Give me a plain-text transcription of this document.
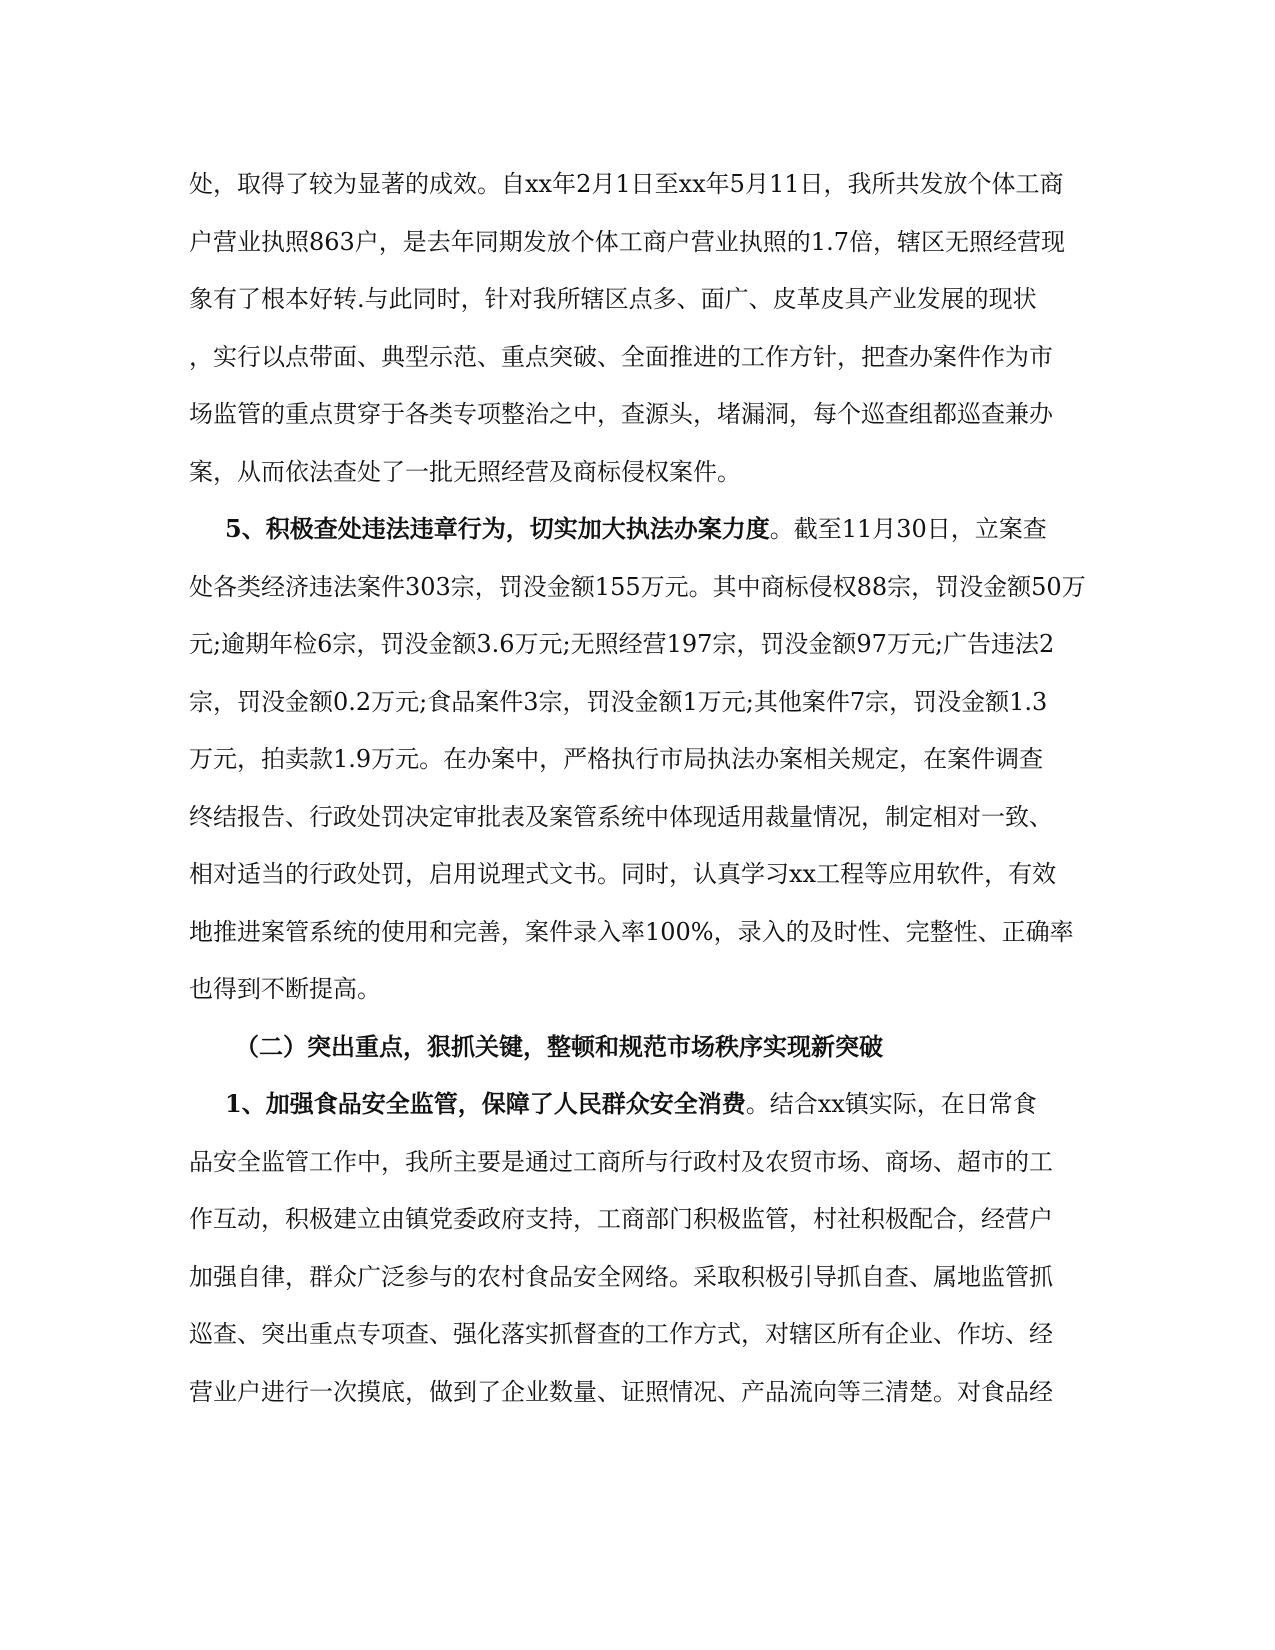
处，取得了较为显著的成效。自xx年2月1日至xx年5月11日，我所共发放个体工商
户营业执照863户，是去年同期发放个体工商户营业执照的1.7倍，辖区无照经营现
象有了根本好转.与此同时，针对我所辖区点多、面广、皮革皮具产业发展的现状
，实行以点带面、典型示范、重点突破、全面推进的工作方针，把查办案件作为市
场监管的重点贯穿于各类专项整治之中，查源头，堵漏洞，每个巡查组都巡查兼办
案，从而依法查处了一批无照经营及商标侵权案件。
5、积极查处违法违章行为，切实加大执法办案力度。截至11月30日，立案查
处各类经济违法案件303宗，罚没金额155万元。其中商标侵权88宗，罚没金额50万
元;逾期年检6宗，罚没金额3.6万元;无照经营197宗，罚没金额97万元;广告违法2
宗，罚没金额0.2万元;食品案件3宗，罚没金额1万元;其他案件7宗，罚没金额1.3
万元，拍卖款1.9万元。在办案中，严格执行市局执法办案相关规定，在案件调查
终结报告、行政处罚决定审批表及案管系统中体现适用裁量情况，制定相对一致、
相对适当的行政处罚，启用说理式文书。同时，认真学习xx工程等应用软件，有效
地推进案管系统的使用和完善，案件录入率100%，录入的及时性、完整性、正确率
也得到不断提高。
（二）突出重点，狠抓关键，整顿和规范市场秩序实现新突破
1、加强食品安全监管，保障了人民群众安全消费。结合xx镇实际，在日常食
品安全监管工作中，我所主要是通过工商所与行政村及农贸市场、商场、超市的工
作互动，积极建立由镇党委政府支持，工商部门积极监管，村社积极配合，经营户
加强自律，群众广泛参与的农村食品安全网络。采取积极引导抓自查、属地监管抓
巡查、突出重点专项查、强化落实抓督查的工作方式，对辖区所有企业、作坊、经
营业户进行一次摸底，做到了企业数量、证照情况、产品流向等三清楚。对食品经
